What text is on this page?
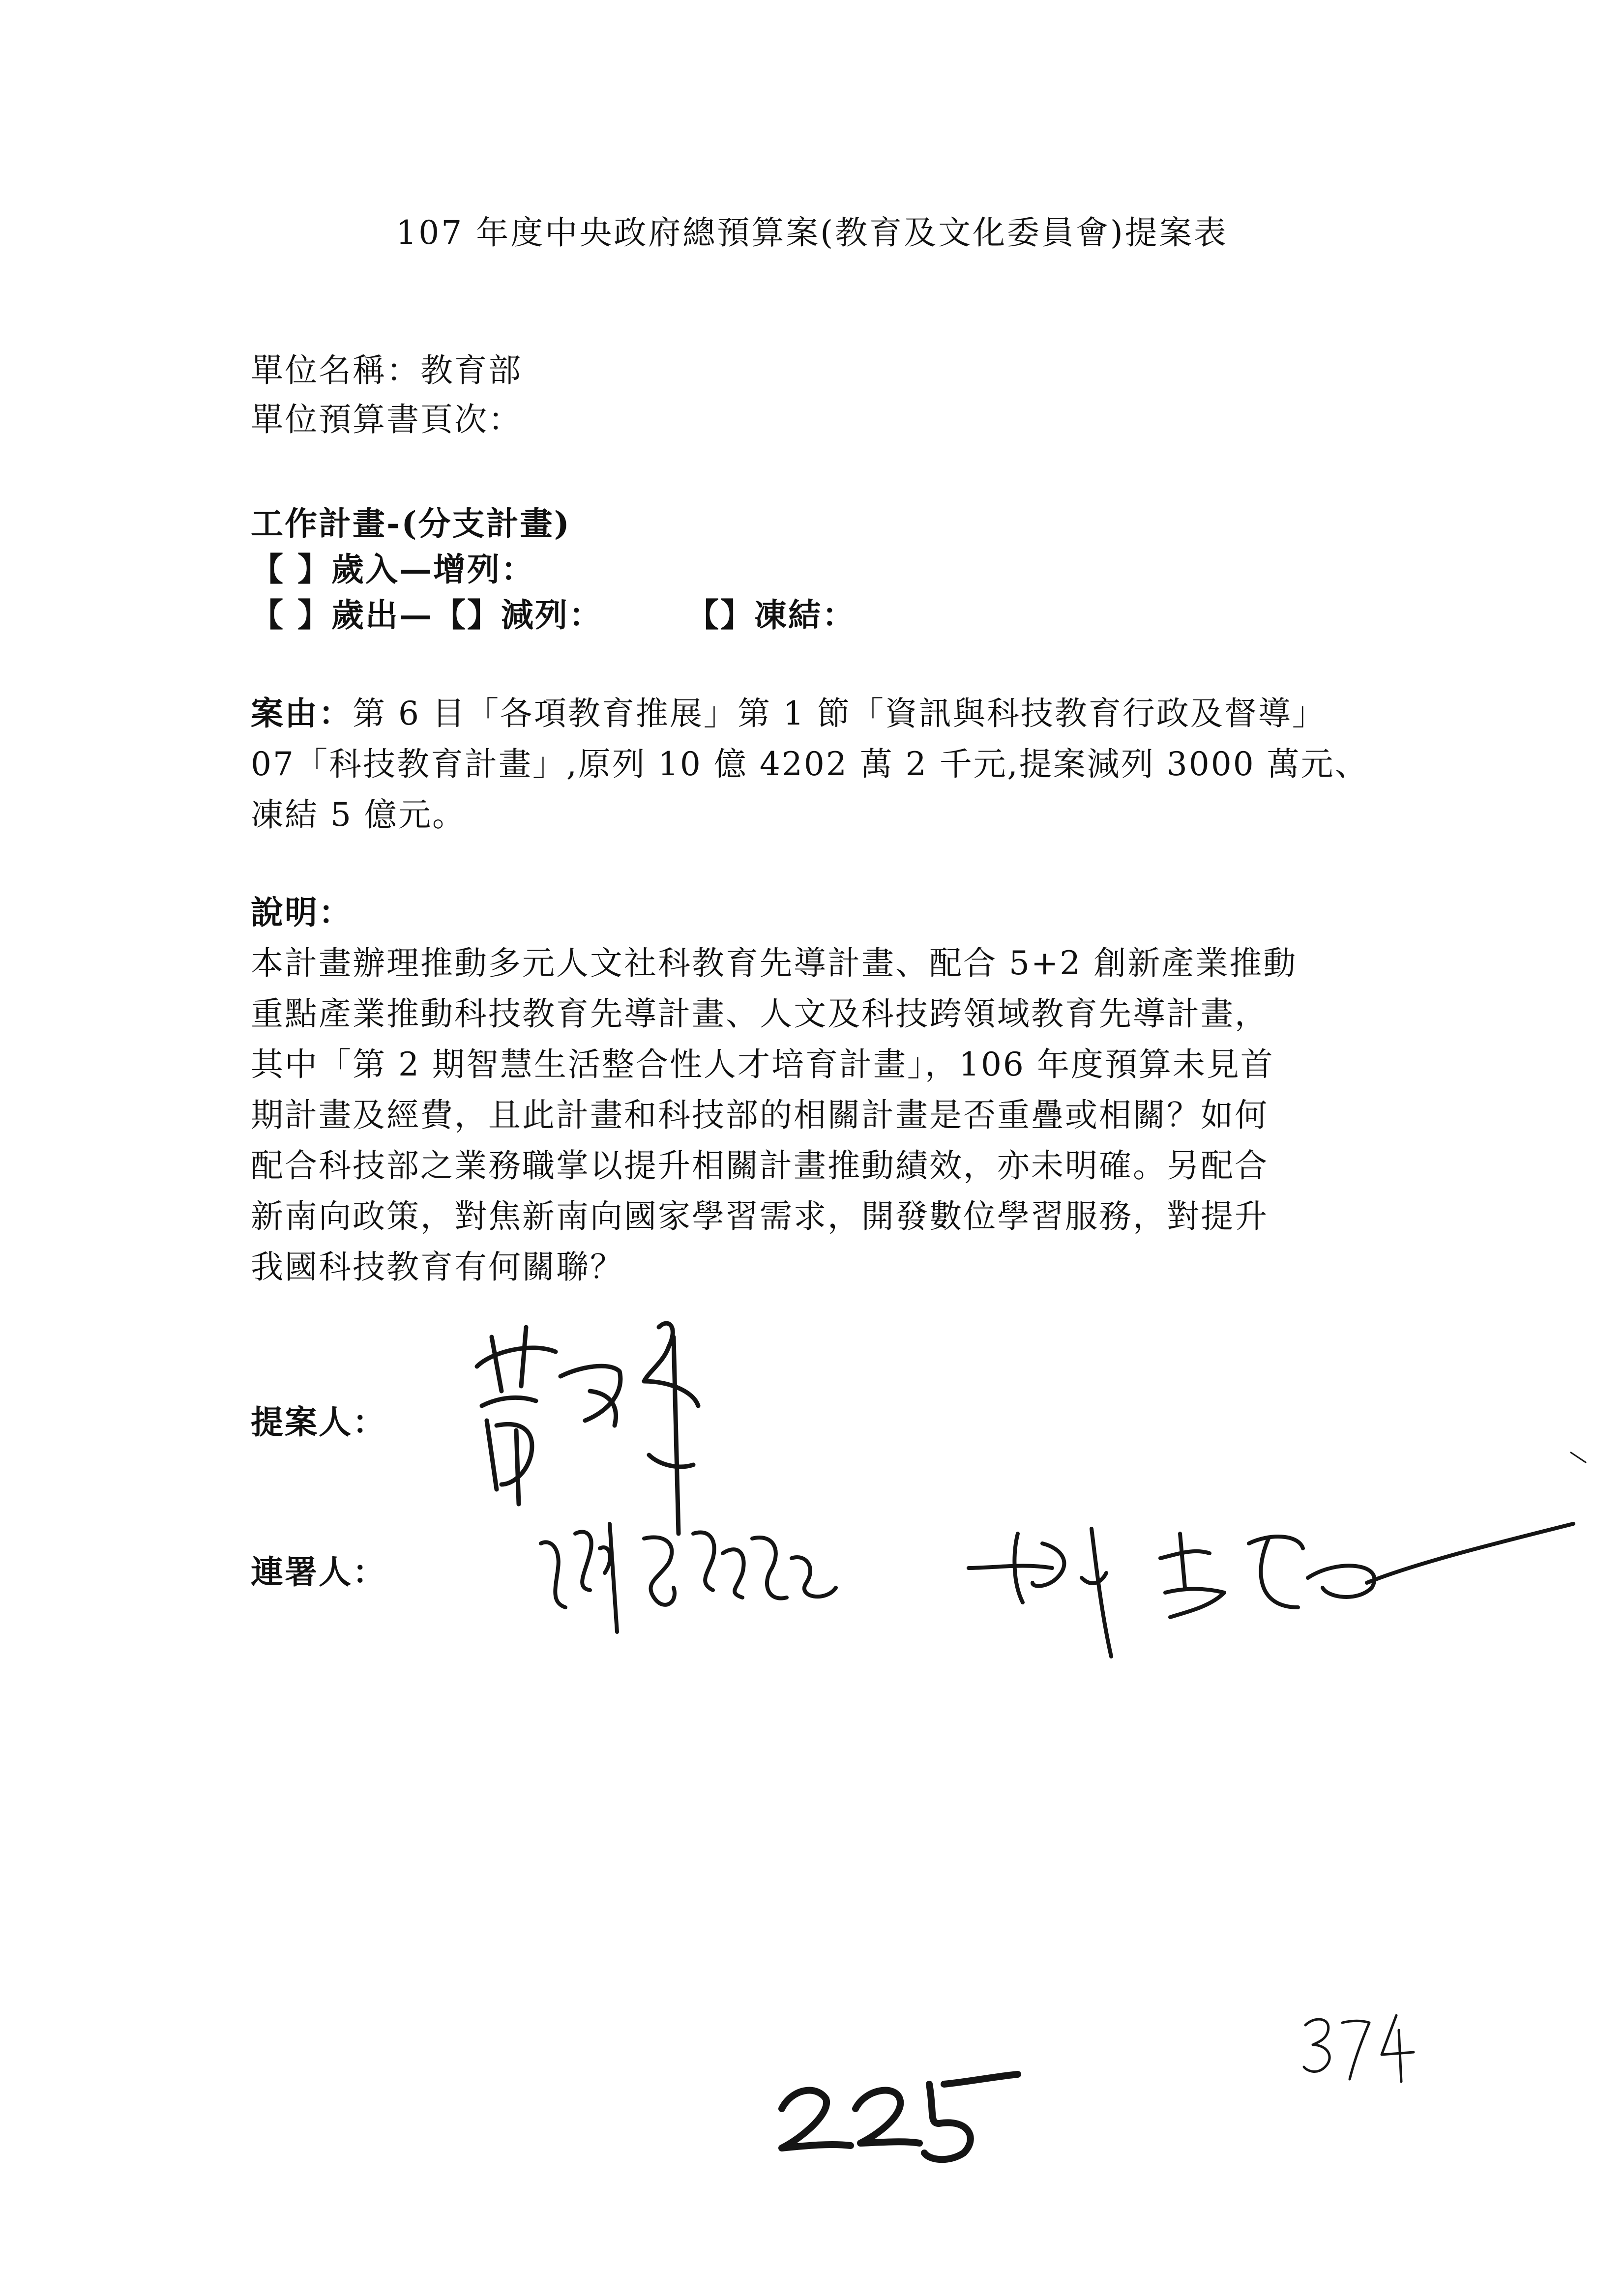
107 年度中央政府總預算案(教育及文化委員會)提案表
單位名稱：教育部
單位預算書頁次：
工作計畫-(分支計畫)
【 】歲入—增列：
【 】歲出—【】減列：	【】凍結：

案由：第 6 目「各項教育推展」第 1 節「資訊與科技教育行政及督導」

07「科技教育計畫」,原列 10 億 4202 萬 2 千元,提案減列 3000 萬元、

凍結 5 億元。

說明：

本計畫辦理推動多元人文社科教育先導計畫、配合 5+2 創新產業推動

重點產業推動科技教育先導計畫、人文及科技跨領域教育先導計畫，

其中「第 2 期智慧生活整合性人才培育計畫」，106 年度預算未見首

期計畫及經費，且此計畫和科技部的相關計畫是否重疊或相關？如何

配合科技部之業務職掌以提升相關計畫推動績效，亦未明確。另配合

新南向政策，對焦新南向國家學習需求，開發數位學習服務，對提升

我國科技教育有何關聯？

提案人：
連署人：
